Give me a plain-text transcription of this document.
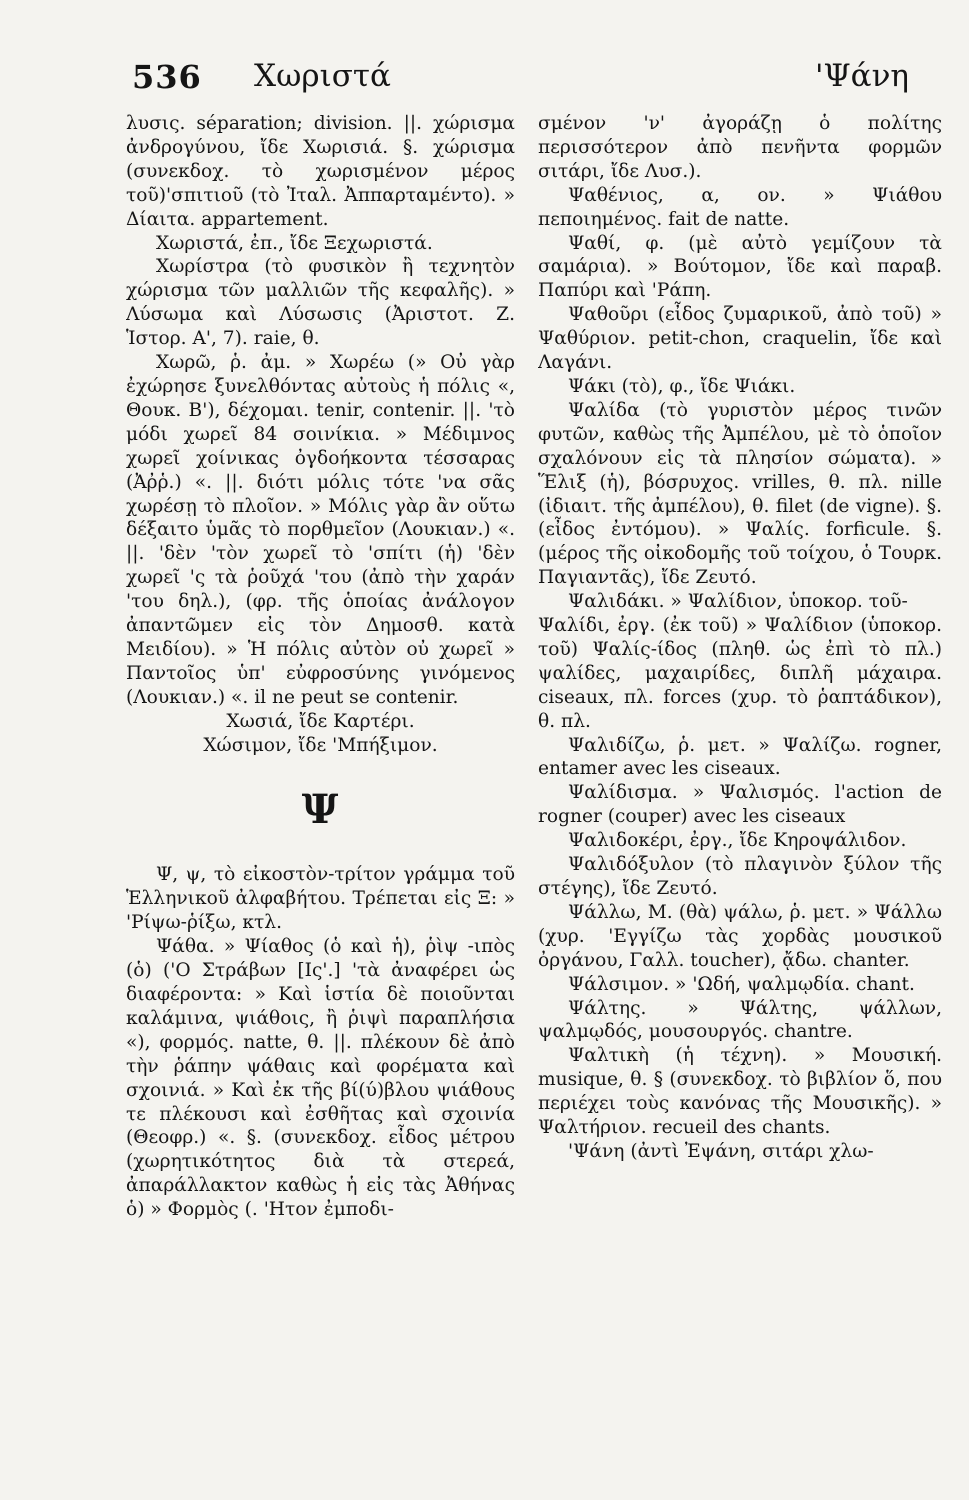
536 Χωριστά	'Ψάνη

λυσις. séparation; division. ||. χώρισμα ἀνδρογύνου, ἴδε Χωρισιά. §. χώρισμα (συνεκδοχ. τὸ χωρισμένον μέρος τοῦ)'σπιτιοῦ (τὸ Ἰταλ. Ἀππαρταμέντο). » Δίαιτα. appartement.

Χωριστά, ἐπ., ἴδε Ξεχωριστά.

Χωρίστρα (τὸ φυσικὸν ἢ τεχνητὸν χώρισμα τῶν μαλλιῶν τῆς κεφαλῆς). » Λύσωμα καὶ Λύσωσις (Ἀριστοτ. Ζ. Ἱστορ. Α', 7). raie, θ.

Χωρῶ, ῥ. ἀμ. » Χωρέω (» Οὐ γὰρ ἐχώρησε ξυνελθόντας αὐτοὺς ἡ πόλις «, Θουκ. Β'), δέχομαι. tenir, contenir. ||. 'τὸ μόδι χωρεῖ 84 σοινίκια. » Μέδιμνος χωρεῖ χοίνικας ὀγδοήκοντα τέσσαρας (Ἀῤῥ.) «. ||. διότι μόλις τότε 'να σᾶς χωρέσῃ τὸ πλοῖον. » Μόλις γὰρ ἂν οὕτω δέξαιτο ὑμᾶς τὸ πορθμεῖον (Λουκιαν.) «. ||. 'δὲν 'τὸν χωρεῖ τὸ 'σπίτι (ἡ) 'δὲν χωρεῖ 'ς τὰ ῥοῦχά 'του (ἀπὸ τὴν χαράν 'του δηλ.), (φρ. τῆς ὁποίας ἀνάλογον ἀπαντῶμεν εἰς τὸν Δημοσθ. κατὰ Μειδίου). » Ἡ πόλις αὐτὸν οὐ χωρεῖ » Παντοῖος ὑπ' εὐφροσύνης γινόμενος (Λουκιαν.) «. il ne peut se contenir.

Χωσιά, ἴδε Καρτέρι.

Χώσιμον, ἴδε 'Μπήξιμον.

Ψ

Ψ, ψ, τὸ εἰκοστὸν-τρίτον γράμμα τοῦ Ἑλληνικοῦ ἀλφαβήτου. Τρέπεται εἰς Ξ: » 'Ρίψω-ῥίξω, κτλ.

Ψάθα. » Ψίαθος (ὁ καὶ ἡ), ῥὶψ -ιπὸς (ὁ) ('Ο Στράβων [Ις'.] 'τὰ ἀναφέρει ὡς διαφέροντα: » Καὶ ἱστία δὲ ποιοῦνται καλάμινα, ψιάθοις, ἢ ῥιψὶ παραπλήσια «), φορμός. natte, θ. ||. πλέκουν δὲ ἀπὸ τὴν ῥάπην ψάθαις καὶ φορέματα καὶ σχοινιά. » Καὶ ἐκ τῆς βί(ύ)βλου ψιάθους τε πλέκουσι καὶ ἐσθῆτας καὶ σχοινία (Θεοφρ.) «. §. (συνεκδοχ. εἶδος μέτρου (χωρητικότητος διὰ τὰ στερεά, ἀπαράλλακτον καθὼς ἡ εἰς τὰς Ἀθήνας ὁ) » Φορμὸς (. 'Ητον ἐμποδι-

σμένον 'ν' ἀγοράζῃ ὁ πολίτης περισσότερον ἀπὸ πενῆντα φορμῶν σιτάρι, ἴδε Λυσ.).

Ψαθένιος, α, ον. » Ψιάθου πεποιημένος. fait de natte.

Ψαθί, φ. (μὲ αὐτὸ γεμίζουν τὰ σαμάρια). » Βούτομον, ἴδε καὶ παραβ. Παπύρι καὶ 'Ράπη.

Ψαθοῦρι (εἶδος ζυμαρικοῦ, ἀπὸ τοῦ) » Ψαθύριον. petit-chon, craquelin, ἴδε καὶ Λαγάνι.

Ψάκι (τὸ), φ., ἴδε Ψιάκι.

Ψαλίδα (τὸ γυριστὸν μέρος τινῶν φυτῶν, καθὼς τῆς Ἀμπέλου, μὲ τὸ ὁποῖον σχαλόνουν εἰς τὰ πλησίον σώματα). » Ἕλιξ (ἡ), βόσρυχος. vrilles, θ. πλ. nille (ἰδιαιτ. τῆς ἀμπέλου), θ. filet (de vigne). §. (εἶδος ἐντόμου). » Ψαλίς. forficule. §. (μέρος τῆς οἰκοδομῆς τοῦ τοίχου, ὁ Τουρκ. Παγιαντᾶς), ἴδε Ζευτό.

Ψαλιδάκι. » Ψαλίδιον, ὑποκορ. τοῦ-

Ψαλίδι, ἐργ. (ἐκ τοῦ) » Ψαλίδιον (ὑποκορ. τοῦ) Ψαλίς-ίδος (πληθ. ὡς ἐπὶ τὸ πλ.) ψαλίδες, μαχαιρίδες, διπλῆ μάχαιρα. ciseaux, πλ. forces (χυρ. τὸ ῥαπτάδικον), θ. πλ.

Ψαλιδίζω, ῥ. μετ. » Ψαλίζω. rogner, entamer avec les ciseaux.

Ψαλίδισμα. » Ψαλισμός. l'action de rogner (couper) avec les ciseaux

Ψαλιδοκέρι, ἐργ., ἴδε Κηροψάλιδον.

Ψαλιδόξυλον (τὸ πλαγινὸν ξύλον τῆς στέγης), ἴδε Ζευτό.

Ψάλλω, Μ. (θὰ) ψάλω, ῥ. μετ. » Ψάλλω (χυρ. 'Εγγίζω τὰς χορδὰς μουσικοῦ ὀργάνου, Γαλλ. toucher), ᾄδω. chanter.

Ψάλσιμον. » 'Ωδή, ψαλμῳδία. chant.

Ψάλτης. » Ψάλτης, ψάλλων, ψαλμῳδός, μουσουργός. chantre.

Ψαλτικὴ (ἡ τέχνη). » Μουσική. musique, θ. § (συνεκδοχ. τὸ βιβλίον ὅ, που περιέχει τοὺς κανόνας τῆς Μουσικῆς). » Ψαλτήριον. recueil des chants.

'Ψάνη (ἀντὶ Ἐψάνη, σιτάρι χλω-
